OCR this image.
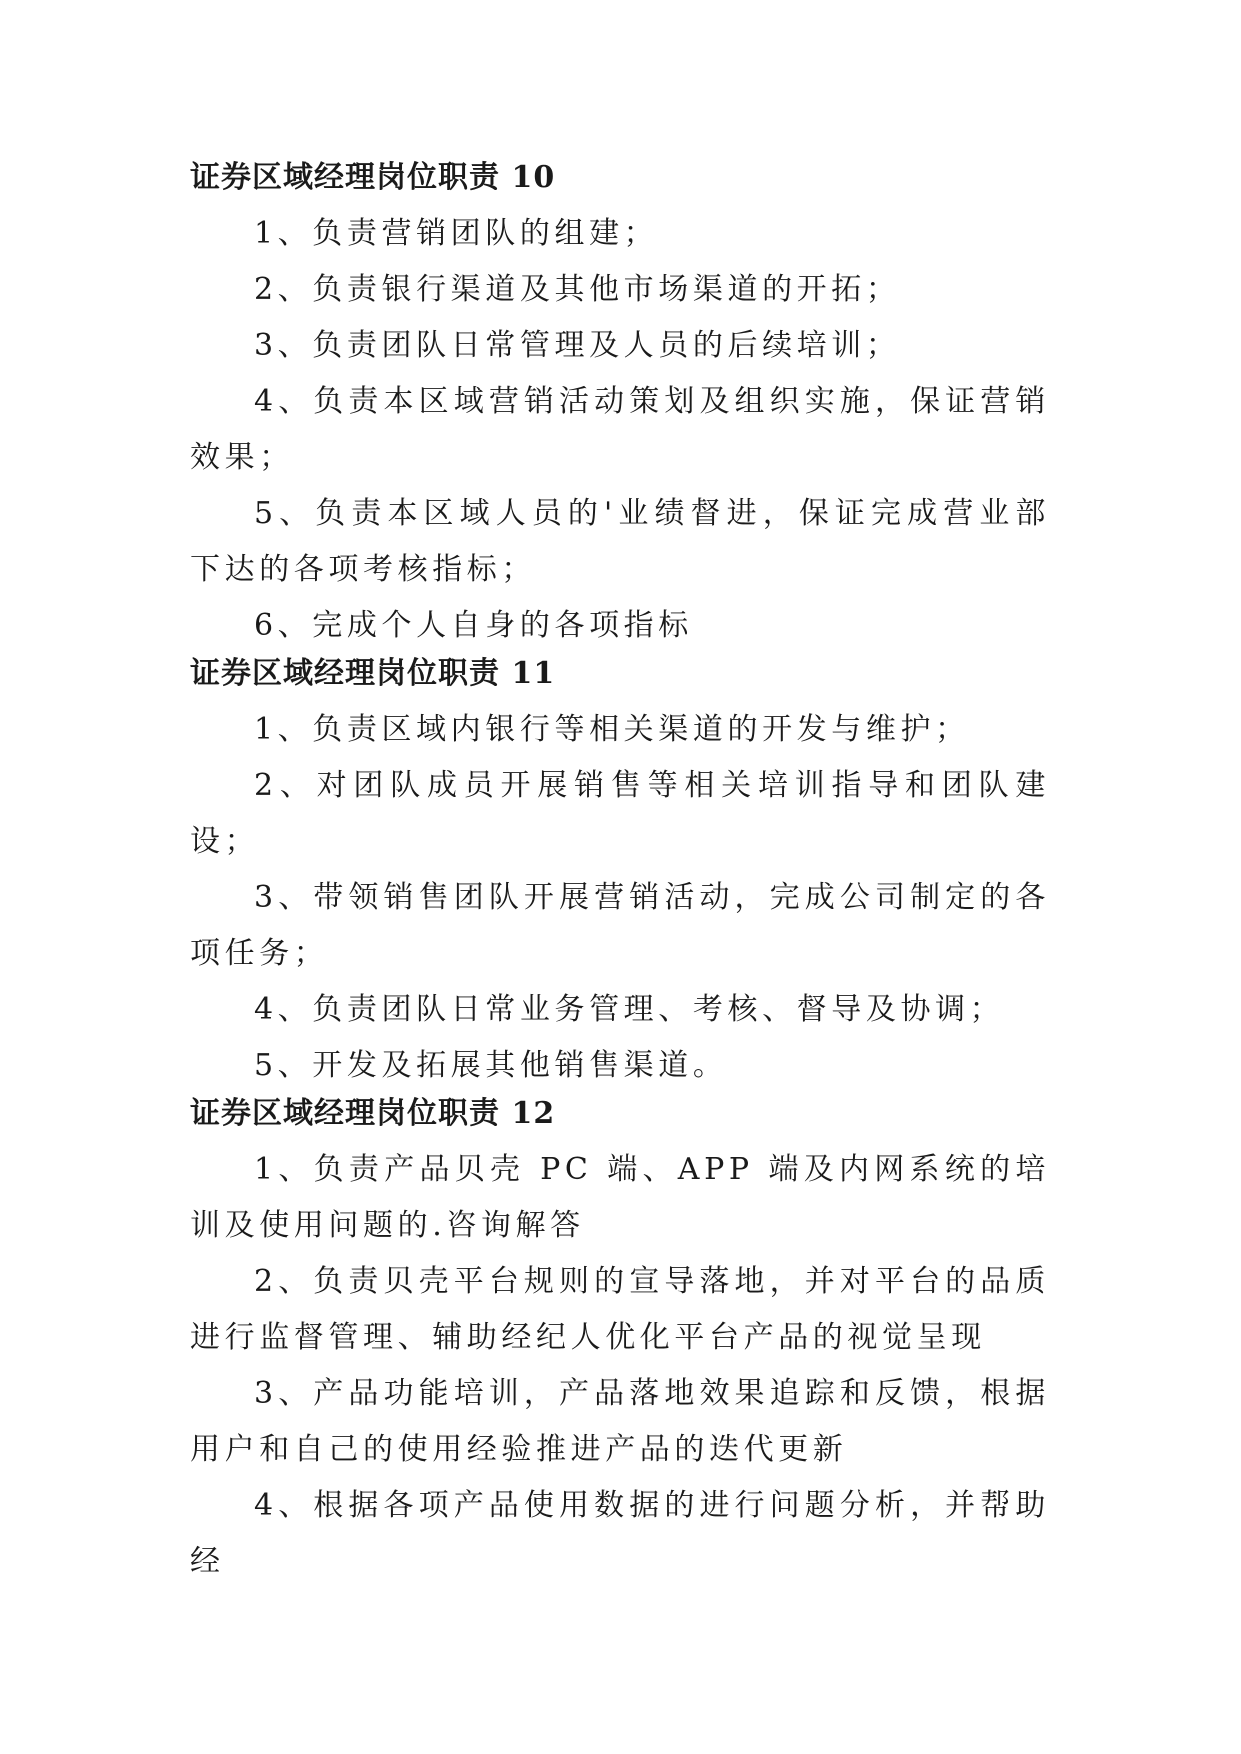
证券区域经理岗位职责 10

1、负责营销团队的组建；

2、负责银行渠道及其他市场渠道的开拓；

3、负责团队日常管理及人员的后续培训；

4、负责本区域营销活动策划及组织实施，保证营销效果；

5、负责本区域人员的'业绩督进，保证完成营业部下达的各项考核指标；

6、完成个人自身的各项指标

证券区域经理岗位职责 11

1、负责区域内银行等相关渠道的开发与维护；

2、对团队成员开展销售等相关培训指导和团队建设；

3、带领销售团队开展营销活动，完成公司制定的各项任务；

4、负责团队日常业务管理、考核、督导及协调；

5、开发及拓展其他销售渠道。

证券区域经理岗位职责 12

1、负责产品贝壳 PC 端、APP 端及内网系统的培训及使用问题的.咨询解答

2、负责贝壳平台规则的宣导落地，并对平台的品质进行监督管理、辅助经纪人优化平台产品的视觉呈现

3、产品功能培训，产品落地效果追踪和反馈，根据用户和自己的使用经验推进产品的迭代更新

4、根据各项产品使用数据的进行问题分析，并帮助经
